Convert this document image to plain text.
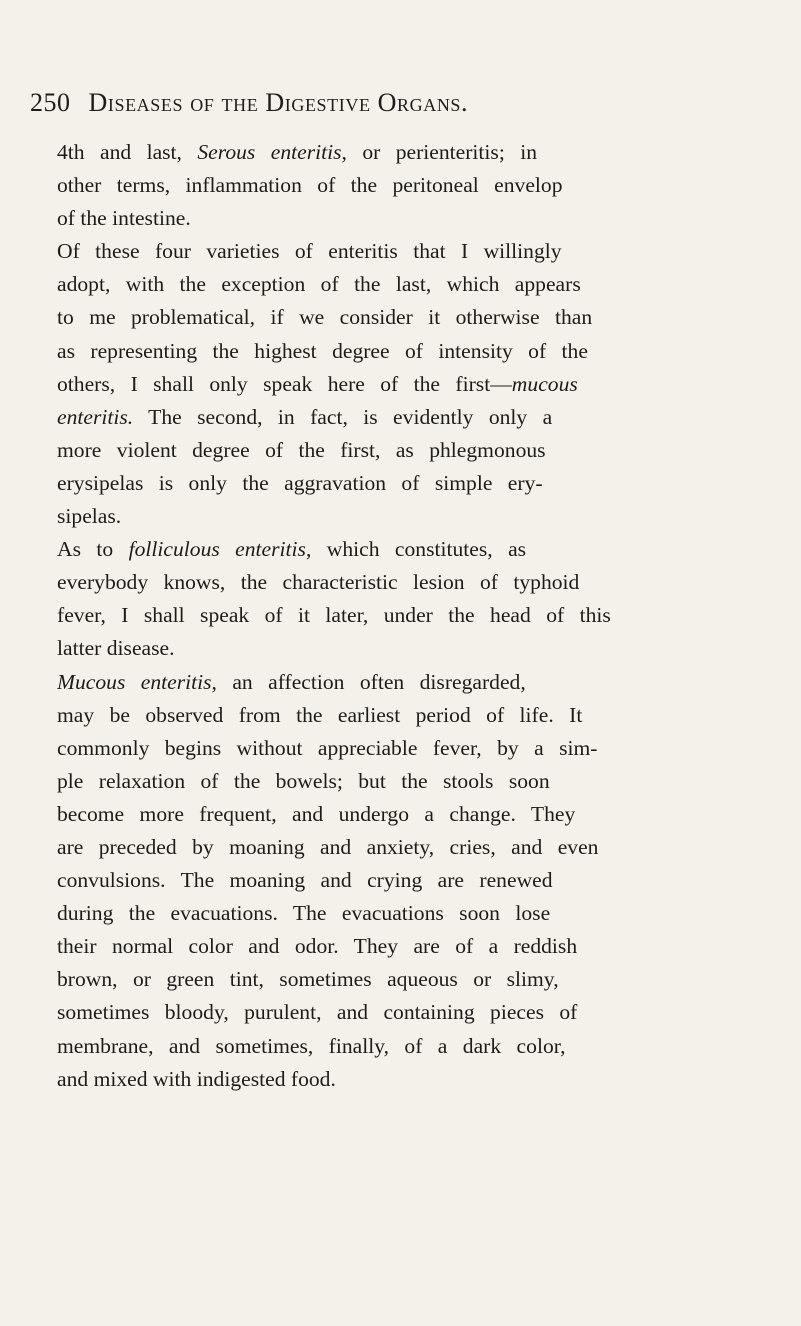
250 Diseases of the Digestive Organs.
4th and last, Serous enteritis, or perienteritis; in
other terms, inflammation of the peritoneal envelop
of the intestine.
Of these four varieties of enteritis that I willingly
adopt, with the exception of the last, which appears
to me problematical, if we consider it otherwise than
as representing the highest degree of intensity of the
others, I shall only speak here of the first—mucous
enteritis. The second, in fact, is evidently only a
more violent degree of the first, as phlegmonous
erysipelas is only the aggravation of simple ery-
sipelas.
As to folliculous enteritis, which constitutes, as
everybody knows, the characteristic lesion of typhoid
fever, I shall speak of it later, under the head of this
latter disease.
Mucous enteritis, an affection often disregarded,
may be observed from the earliest period of life. It
commonly begins without appreciable fever, by a sim-
ple relaxation of the bowels; but the stools soon
become more frequent, and undergo a change. They
are preceded by moaning and anxiety, cries, and even
convulsions. The moaning and crying are renewed
during the evacuations. The evacuations soon lose
their normal color and odor. They are of a reddish
brown, or green tint, sometimes aqueous or slimy,
sometimes bloody, purulent, and containing pieces of
membrane, and sometimes, finally, of a dark color,
and mixed with indigested food.
